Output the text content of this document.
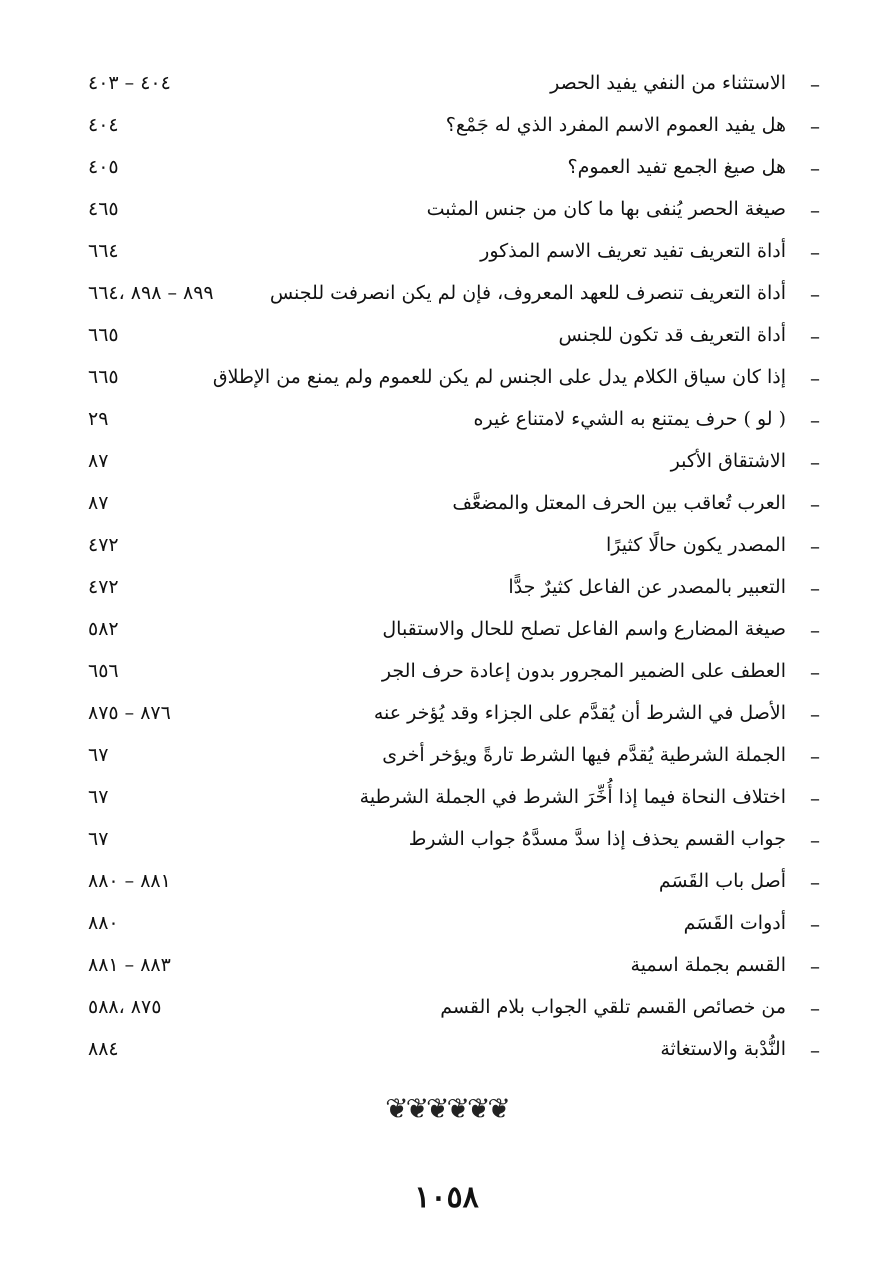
–
الاستثناء من النفي يفيد الحصر
٤٠٤ – ٤٠٣
–
هل يفيد العموم الاسم المفرد الذي له جَمْع؟
٤٠٤
–
هل صيغ الجمع تفيد العموم؟
٤٠٥
–
صيغة الحصر يُنفى بها ما كان من جنس المثبت
٤٦٥
–
أداة التعريف تفيد تعريف الاسم المذكور
٦٦٤
–
أداة التعريف تنصرف للعهد المعروف، فإن لم يكن انصرفت للجنس
٨٩٩ – ٨٩٨ ،٦٦٤
–
أداة التعريف قد تكون للجنس
٦٦٥
–
إذا كان سياق الكلام يدل على الجنس لم يكن للعموم ولم يمنع من الإطلاق
٦٦٥
–
( لو ) حرف يمتنع به الشيء لامتناع غيره
٢٩
–
الاشتقاق الأكبر
٨٧
–
العرب تُعاقب بين الحرف المعتل والمضعَّف
٨٧
–
المصدر يكون حالًا كثيرًا
٤٧٢
–
التعبير بالمصدر عن الفاعل كثيرٌ جدًّا
٤٧٢
–
صيغة المضارع واسم الفاعل تصلح للحال والاستقبال
٥٨٢
–
العطف على الضمير المجرور بدون إعادة حرف الجر
٦٥٦
–
الأصل في الشرط أن يُقدَّم على الجزاء وقد يُؤخر عنه
٨٧٦ – ٨٧٥
–
الجملة الشرطية يُقدَّم فيها الشرط تارةً ويؤخر أخرى
٦٧
–
اختلاف النحاة فيما إذا أُخِّرَ الشرط في الجملة الشرطية
٦٧
–
جواب القسم يحذف إذا سدَّ مسدَّهُ جواب الشرط
٦٧
–
أصل باب القَسَم
٨٨١ – ٨٨٠
–
أدوات القَسَم
٨٨٠
–
القسم بجملة اسمية
٨٨٣ – ٨٨١
–
من خصائص القسم تلقي الجواب بلام القسم
٨٧٥ ،٥٨٨
–
النُّدْبة والاستغاثة
٨٨٤
❦❦❦❦❦❦
١٠٥٨
